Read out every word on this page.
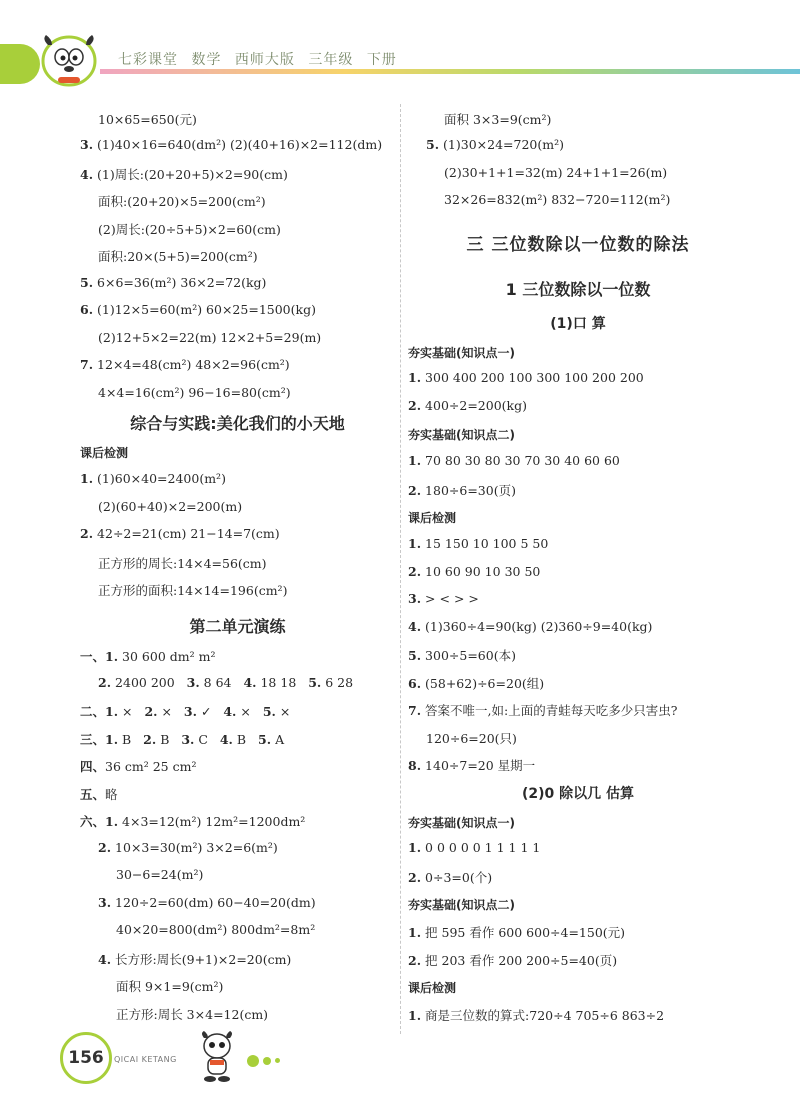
七彩课堂 数学 西师大版 三年级 下册
10×65=650(元)
3. (1)40×16=640(dm²) (2)(40+16)×2=112(dm)
4. (1)周长:(20+20+5)×2=90(cm)
面积:(20+20)×5=200(cm²)
(2)周长:(20÷5+5)×2=60(cm)
面积:20×(5+5)=200(cm²)
5. 6×6=36(m²) 36×2=72(kg)
6. (1)12×5=60(m²) 60×25=1500(kg)
(2)12+5×2=22(m) 12×2+5=29(m)
7. 12×4=48(cm²) 48×2=96(cm²)
4×4=16(cm²) 96−16=80(cm²)
综合与实践:美化我们的小天地
课后检测
1. (1)60×40=2400(m²)
(2)(60+40)×2=200(m)
2. 42÷2=21(cm) 21−14=7(cm)
正方形的周长:14×4=56(cm)
正方形的面积:14×14=196(cm²)
第二单元演练
一、1. 30 600 dm² m²
2. 2400 200 3. 8 64 4. 18 18 5. 6 28
二、1. × 2. × 3. ✓ 4. × 5. ×
三、1. B 2. B 3. C 4. B 5. A
四、36 cm² 25 cm²
五、略
六、1. 4×3=12(m²) 12m²=1200dm²
2. 10×3=30(m²) 3×2=6(m²)
30−6=24(m²)
3. 120÷2=60(dm) 60−40=20(dm)
40×20=800(dm²) 800dm²=8m²
4. 长方形:周长(9+1)×2=20(cm)
面积 9×1=9(cm²)
正方形:周长 3×4=12(cm)
面积 3×3=9(cm²)
5. (1)30×24=720(m²)
(2)30+1+1=32(m) 24+1+1=26(m)
32×26=832(m²) 832−720=112(m²)
三 三位数除以一位数的除法
1 三位数除以一位数
(1)口 算
夯实基础(知识点一)
1. 300 400 200 100 300 100 200 200
2. 400÷2=200(kg)
夯实基础(知识点二)
1. 70 80 30 80 30 70 30 40 60 60
2. 180÷6=30(页)
课后检测
1. 15 150 10 100 5 50
2. 10 60 90 10 30 50
3. > < > >
4. (1)360÷4=90(kg) (2)360÷9=40(kg)
5. 300÷5=60(本)
6. (58+62)÷6=20(组)
7. 答案不唯一,如:上面的青蛙每天吃多少只害虫?
120÷6=20(只)
8. 140÷7=20 星期一
(2)0 除以几 估算
夯实基础(知识点一)
1. 0 0 0 0 0 1 1 1 1 1
2. 0÷3=0(个)
夯实基础(知识点二)
1. 把 595 看作 600 600÷4=150(元)
2. 把 203 看作 200 200÷5=40(页)
课后检测
1. 商是三位数的算式:720÷4 705÷6 863÷2
156	QICAI KETANG
